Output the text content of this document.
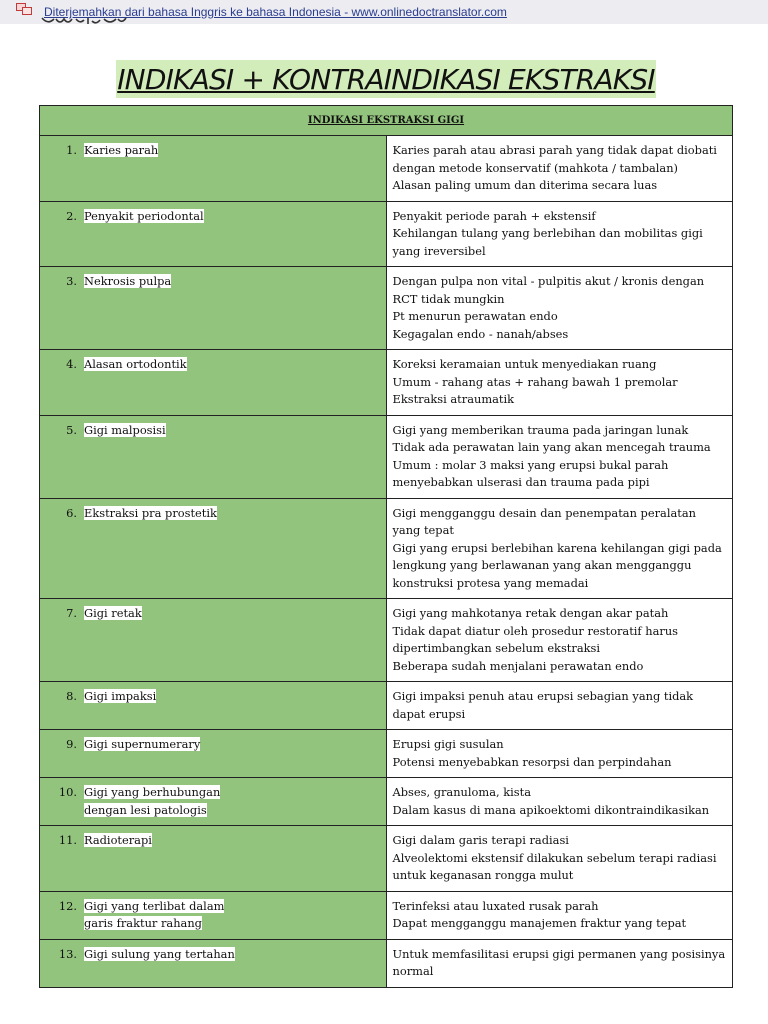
Diterjemahkan dari bahasa Inggris ke bahasa Indonesia - www.onlinedoctranslator.com
INDIKASI + KONTRAINDIKASI EKSTRAKSI
INDIKASI EKSTRAKSI GIGI	

1. Karies parah	Karies parah atau abrasi parah yang tidak dapat diobati dengan metode konservatif (mahkota / tambalan)
Alasan paling umum dan diterima secara luas

2. Penyakit periodontal	Penyakit periode parah + ekstensif
Kehilangan tulang yang berlebihan dan mobilitas gigi yang ireversibel

3. Nekrosis pulpa	Dengan pulpa non vital - pulpitis akut / kronis dengan RCT tidak mungkin
Pt menurun perawatan endo
Kegagalan endo - nanah/abses

4. Alasan ortodontik	Koreksi keramaian untuk menyediakan ruang
Umum - rahang atas + rahang bawah 1 premolar
Ekstraksi atraumatik

5. Gigi malposisi	Gigi yang memberikan trauma pada jaringan lunak
Tidak ada perawatan lain yang akan mencegah trauma
Umum : molar 3 maksi yang erupsi bukal parah menyebabkan ulserasi dan trauma pada pipi

6. Ekstraksi pra prostetik	Gigi mengganggu desain dan penempatan peralatan yang tepat
Gigi yang erupsi berlebihan karena kehilangan gigi pada lengkung yang berlawanan yang akan mengganggu konstruksi protesa yang memadai

7. Gigi retak	Gigi yang mahkotanya retak dengan akar patah
Tidak dapat diatur oleh prosedur restoratif harus dipertimbangkan sebelum ekstraksi
Beberapa sudah menjalani perawatan endo

8. Gigi impaksi	Gigi impaksi penuh atau erupsi sebagian yang tidak dapat erupsi

9. Gigi supernumerary	Erupsi gigi susulan
Potensi menyebabkan resorpsi dan perpindahan

10. Gigi yang berhubungan
dengan lesi patologis	Abses, granuloma, kista
Dalam kasus di mana apikoektomi dikontraindikasikan

11. Radioterapi	Gigi dalam garis terapi radiasi
Alveolektomi ekstensif dilakukan sebelum terapi radiasi untuk keganasan rongga mulut

12. Gigi yang terlibat dalam
garis fraktur rahang	Terinfeksi atau luxated rusak parah
Dapat mengganggu manajemen fraktur yang tepat

13. Gigi sulung yang tertahan	Untuk memfasilitasi erupsi gigi permanen yang posisinya normal
